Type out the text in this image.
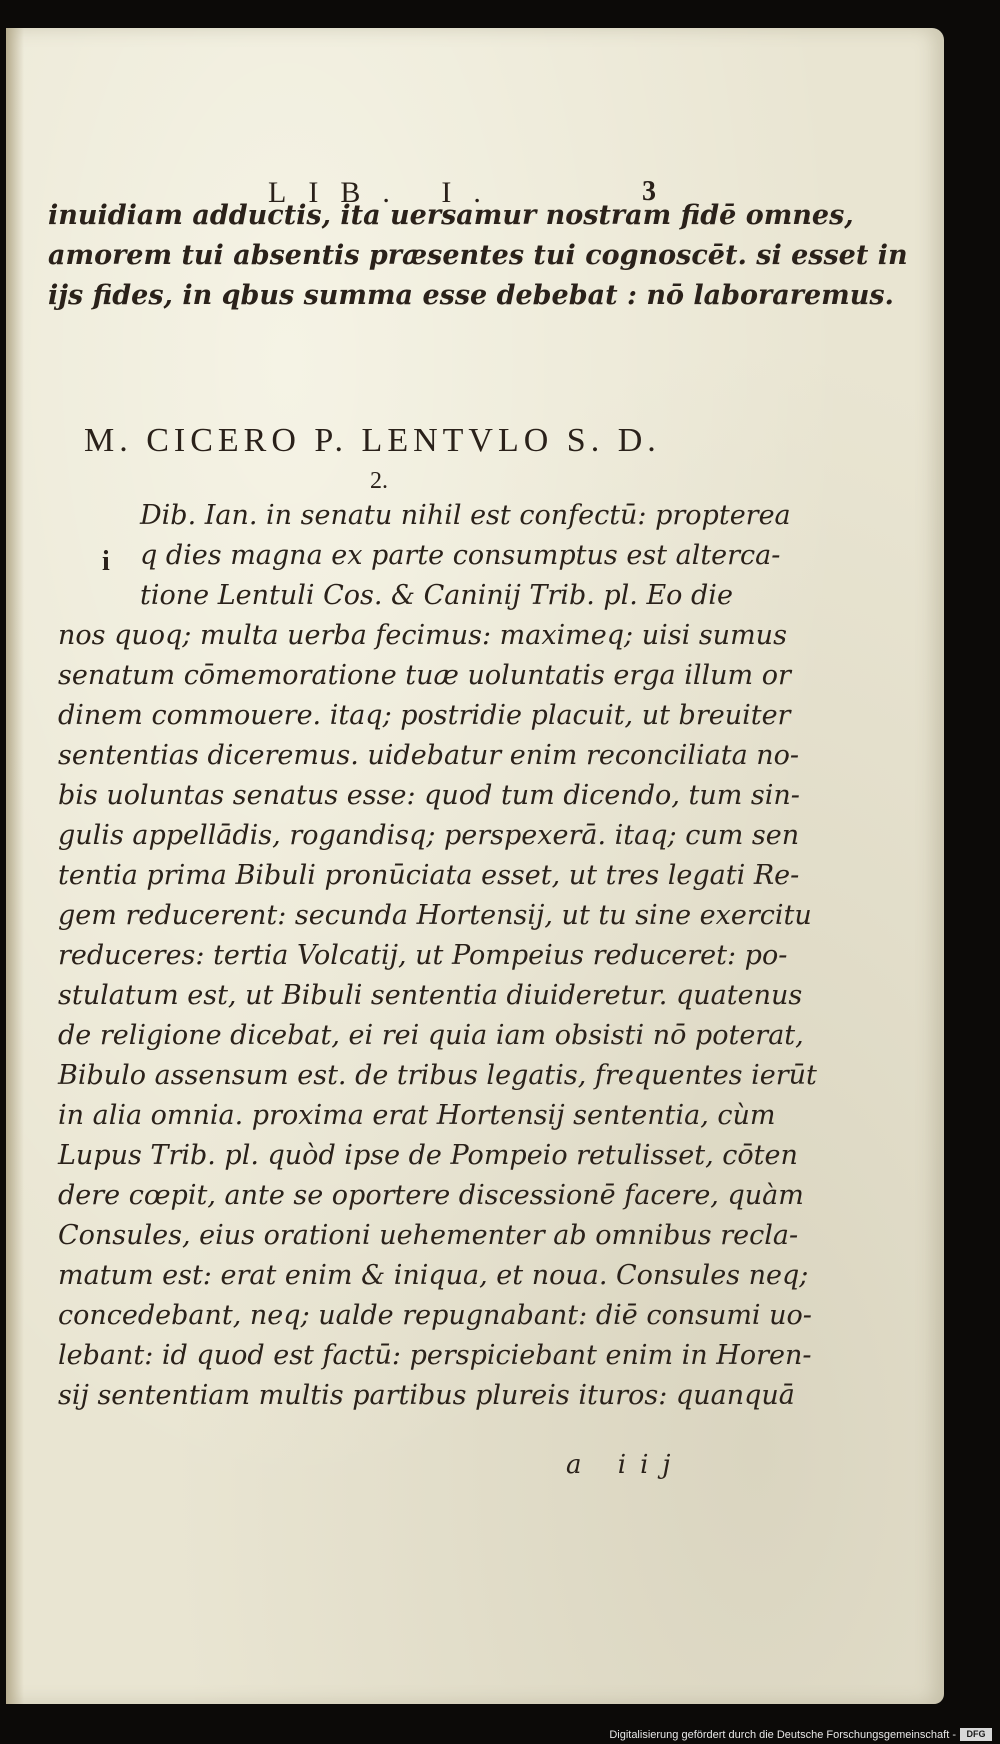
LIB. I.	3
inuidiam adductis, ita uersamur nostram fidē omnes,
amorem tui absentis præsentes tui cognoscēt. si esset in
ijs fides, in qbus summa esse debebat : nō laboraremus.
M. CICERO P. LENTVLO S. D.
2.
i
Dib. Ian. in senatu nihil est confectū: propterea
q dies magna ex parte consumptus est alterca-
tione Lentuli Cos. & Caninij Trib. pl. Eo die
nos quoq; multa uerba fecimus: maximeq; uisi sumus
senatum cōmemoratione tuæ uoluntatis erga illum or
dinem commouere. itaq; postridie placuit, ut breuiter
sententias diceremus. uidebatur enim reconciliata no-
bis uoluntas senatus esse: quod tum dicendo, tum sin-
gulis appellādis, rogandisq; perspexerā. itaq; cum sen
tentia prima Bibuli pronūciata esset, ut tres legati Re-
gem reducerent: secunda Hortensij, ut tu sine exercitu
reduceres: tertia Volcatij, ut Pompeius reduceret: po-
stulatum est, ut Bibuli sententia diuideretur. quatenus
de religione dicebat, ei rei quia iam obsisti nō poterat,
Bibulo assensum est. de tribus legatis, frequentes ierūt
in alia omnia. proxima erat Hortensij sententia, cùm
Lupus Trib. pl. quòd ipse de Pompeio retulisset, cōten
dere cœpit, ante se oportere discessionē facere, quàm
Consules, eius orationi uehementer ab omnibus recla-
matum est: erat enim & iniqua, et noua. Consules neq;
concedebant, neq; ualde repugnabant: diē consumi uo-
lebant: id quod est factū: perspiciebant enim in Horen-
sij sententiam multis partibus plureis ituros: quanquā
a iij
Digitalisierung gefördert durch die Deutsche Forschungsgemeinschaft -	DFG
